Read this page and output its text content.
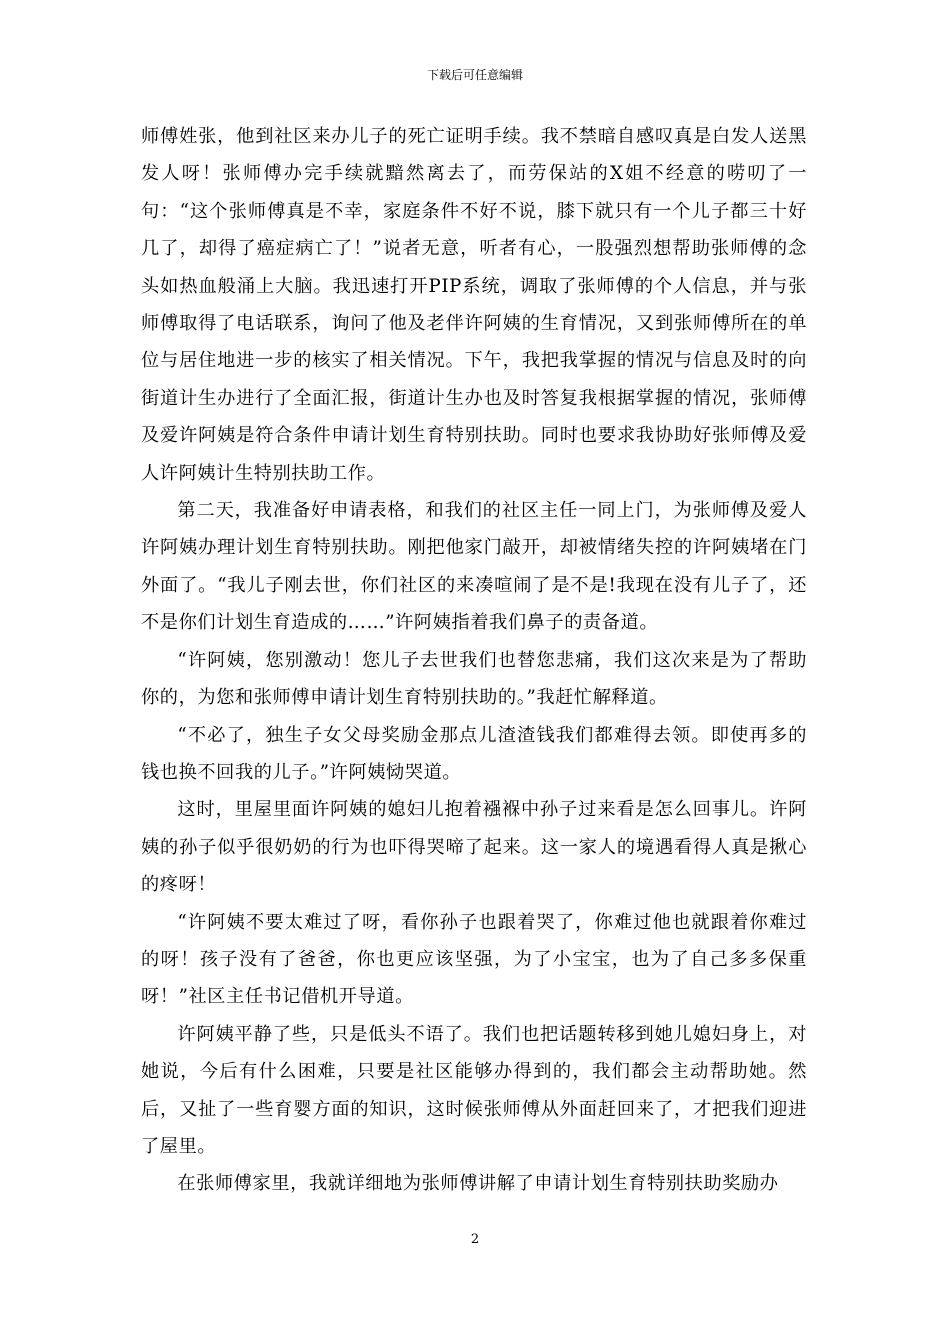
下载后可任意编辑

师傅姓张，他到社区来办儿子的死亡证明手续。我不禁暗自感叹真是白发人送黑发人呀！张师傅办完手续就黯然离去了，而劳保站的X姐不经意的唠叨了一句：“这个张师傅真是不幸，家庭条件不好不说，膝下就只有一个儿子都三十好几了，却得了癌症病亡了！”说者无意，听者有心，一股强烈想帮助张师傅的念头如热血般涌上大脑。我迅速打开PIP系统，调取了张师傅的个人信息，并与张师傅取得了电话联系，询问了他及老伴许阿姨的生育情况，又到张师傅所在的单位与居住地进一步的核实了相关情况。下午，我把我掌握的情况与信息及时的向街道计生办进行了全面汇报，街道计生办也及时答复我根据掌握的情况，张师傅及爱许阿姨是符合条件申请计划生育特别扶助。同时也要求我协助好张师傅及爱人许阿姨计生特别扶助工作。

第二天，我准备好申请表格，和我们的社区主任一同上门，为张师傅及爱人许阿姨办理计划生育特别扶助。刚把他家门敲开，却被情绪失控的许阿姨堵在门外面了。“我儿子刚去世，你们社区的来凑喧闹了是不是!我现在没有儿子了，还不是你们计划生育造成的……”许阿姨指着我们鼻子的责备道。

“许阿姨，您别激动！您儿子去世我们也替您悲痛，我们这次来是为了帮助你的，为您和张师傅申请计划生育特别扶助的。”我赶忙解释道。

“不必了，独生子女父母奖励金那点儿渣渣钱我们都难得去领。即使再多的钱也换不回我的儿子。”许阿姨恸哭道。

这时，里屋里面许阿姨的媳妇儿抱着襁褓中孙子过来看是怎么回事儿。许阿姨的孙子似乎很奶奶的行为也吓得哭啼了起来。这一家人的境遇看得人真是揪心的疼呀！

“许阿姨不要太难过了呀，看你孙子也跟着哭了，你难过他也就跟着你难过的呀！孩子没有了爸爸，你也更应该坚强，为了小宝宝，也为了自己多多保重呀！”社区主任书记借机开导道。

许阿姨平静了些，只是低头不语了。我们也把话题转移到她儿媳妇身上，对她说，今后有什么困难，只要是社区能够办得到的，我们都会主动帮助她。然后，又扯了一些育婴方面的知识，这时候张师傅从外面赶回来了，才把我们迎进了屋里。

在张师傅家里，我就详细地为张师傅讲解了申请计划生育特别扶助奖励办

2
